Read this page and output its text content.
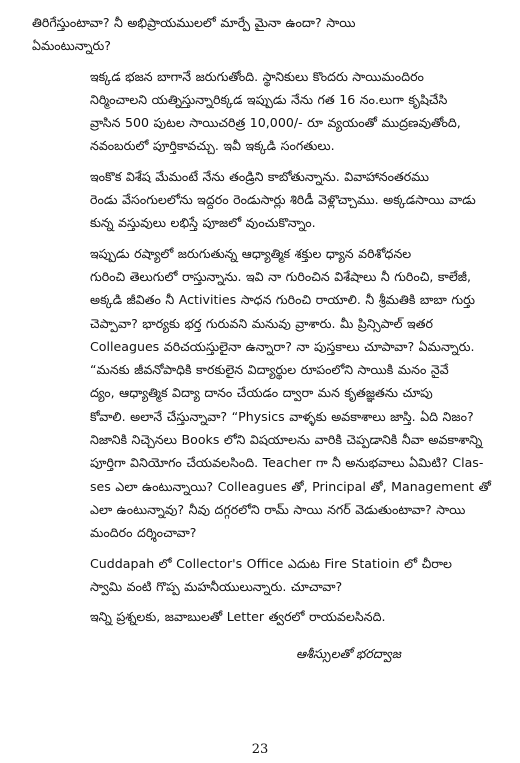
తిరిగేస్తుంటావా? నీ అభిప్రాయములలో మార్పే మైనా ఉందా? సాయి
ఏమంటున్నారు?

ఇక్కడ భజన బాగానే జరుగుతోంది. స్థానికులు కొందరు సాయిమందిరం
నిర్మించాలని యత్నిస్తున్నారిక్కడ ఇప్పుడు నేను గత 16 నం.లుగా కృషిచేసి
వ్రాసిన 500 పుటల సాయిచరిత్ర 10,000/- రూ వ్యయంతో ముద్రణవుతోంది,
నవంబరులో పూర్తికావచ్చు. ఇవీ ఇక్కడి సంగతులు.

ఇంకొక విశేష మేమంటే నేను తండ్రిని కాబోతున్నాను. వివాహానంతరము
రెండు వేసంగులలోను ఇద్దరం రెండుసార్లు శిరిడీ వెళ్లొచ్చాము. అక్కడసాయి వాడు
కున్న వస్తువులు లభిస్తే పూజలో వుంచుకొన్నాం.

ఇప్పుడు రష్యాలో జరుగుతున్న ఆధ్యాత్మిక శక్తుల ధ్యాన వరిశోధనల
గురించి తెలుగులో రాస్తున్నాను. ఇవి నా గురించిన విశేషాలు నీ గురించి, కాలేజీ,
అక్కడి జీవితం నీ Activities సాధన గురించి రాయాలి. నీ శ్రీమతికి బాబా గుర్తు
చెప్పావా? భార్యకు భర్త గురువని మనువు వ్రాశారు. మీ ప్రిన్సిపాల్ ఇతర
Colleagues వరిచయస్తులైనా ఉన్నారా? నా పుస్తకాలు చూపావా? ఏమన్నారు.
“మనకు జీవనోపాధికి కారకులైన విద్యార్థుల రూపంలోని సాయికి మనం నైవే
ద్యం, ఆధ్యాత్మిక విద్యా దానం చేయడం ద్వారా మన కృతజ్ఞతను చూపు
కోవాలి. అలానే చేస్తున్నావా? “Physics వాళ్ళకు అవకాశాలు జాస్తి. ఏది నిజం?
నిజానికి నిచ్చెనలు Books లోని విషయాలను వారికి చెప్పడానికి నీవా అవకాశాన్ని
పూర్తిగా వినియోగం చేయవలసింది. Teacher గా నీ అనుభవాలు ఏమిటి? Clas-
ses ఎలా ఉంటున్నాయి? Colleagues తో, Principal తో, Management తో
ఎలా ఉంటున్నావు? నీవు దగ్గరలోని రామ్ సాయి నగర్ వెడుతుంటావా? సాయి
మందిరం దర్శించావా?

Cuddapah లో Collector's Office ఎదుట Fire Statioin లో చీరాల
స్వామి వంటి గొప్ప మహనీయులున్నారు. చూచావా?

ఇన్ని ప్రశ్నలకు, జవాబులతో Letter త్వరలో రాయవలసినది.

ఆశీస్సులతో భరద్వాజ
23
